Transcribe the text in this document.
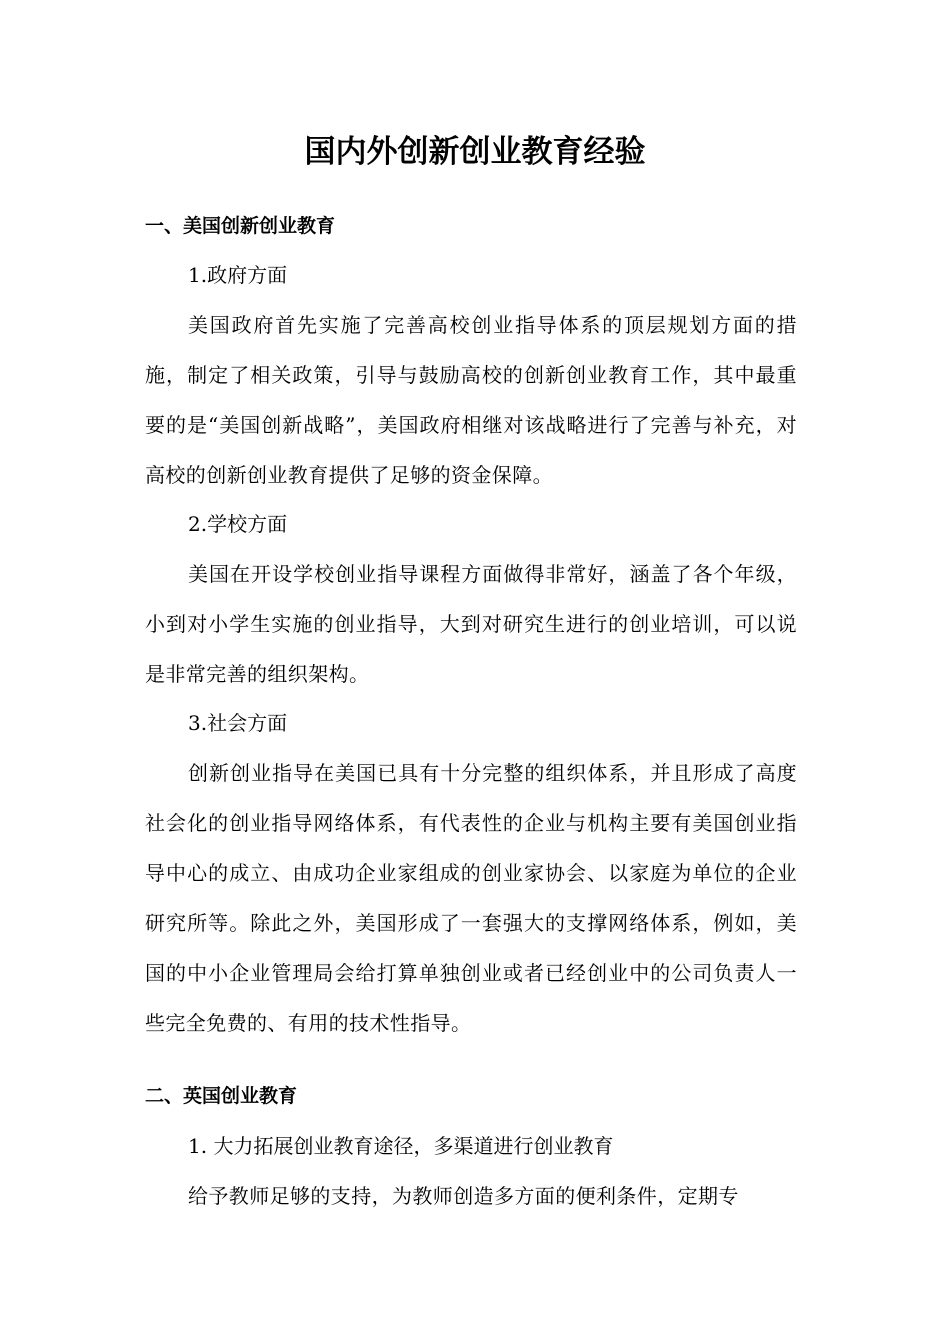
国内外创新创业教育经验
一、美国创新创业教育
1.政府方面
美国政府首先实施了完善高校创业指导体系的顶层规划方面的措施，制定了相关政策，引导与鼓励高校的创新创业教育工作，其中最重要的是“美国创新战略”，美国政府相继对该战略进行了完善与补充，对高校的创新创业教育提供了足够的资金保障。
2.学校方面
美国在开设学校创业指导课程方面做得非常好，涵盖了各个年级，小到对小学生实施的创业指导，大到对研究生进行的创业培训，可以说是非常完善的组织架构。
3.社会方面
创新创业指导在美国已具有十分完整的组织体系，并且形成了高度社会化的创业指导网络体系，有代表性的企业与机构主要有美国创业指导中心的成立、由成功企业家组成的创业家协会、以家庭为单位的企业研究所等。除此之外，美国形成了一套强大的支撑网络体系，例如，美国的中小企业管理局会给打算单独创业或者已经创业中的公司负责人一些完全免费的、有用的技术性指导。
二、英国创业教育
1. 大力拓展创业教育途径，多渠道进行创业教育
给予教师足够的支持，为教师创造多方面的便利条件，定期专
